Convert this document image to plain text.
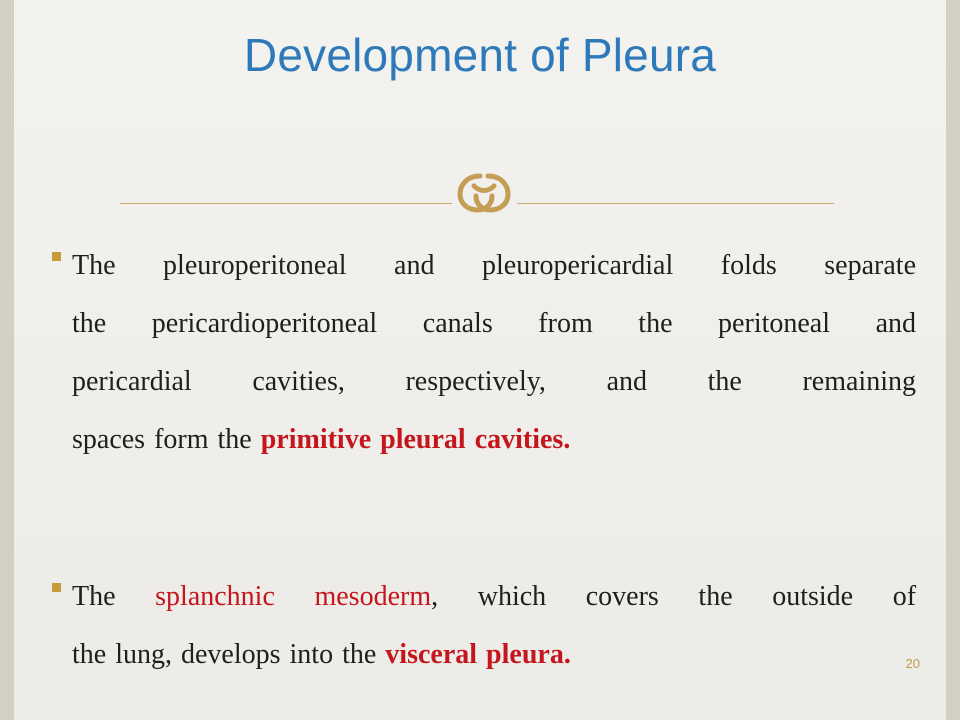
Development of Pleura
The pleuroperitoneal and pleuropericardial folds separate
the pericardioperitoneal canals from the peritoneal and
pericardial cavities, respectively, and the remaining
spaces form the primitive pleural cavities.
The splanchnic mesoderm, which covers the outside of
the lung, develops into the visceral pleura.	20
